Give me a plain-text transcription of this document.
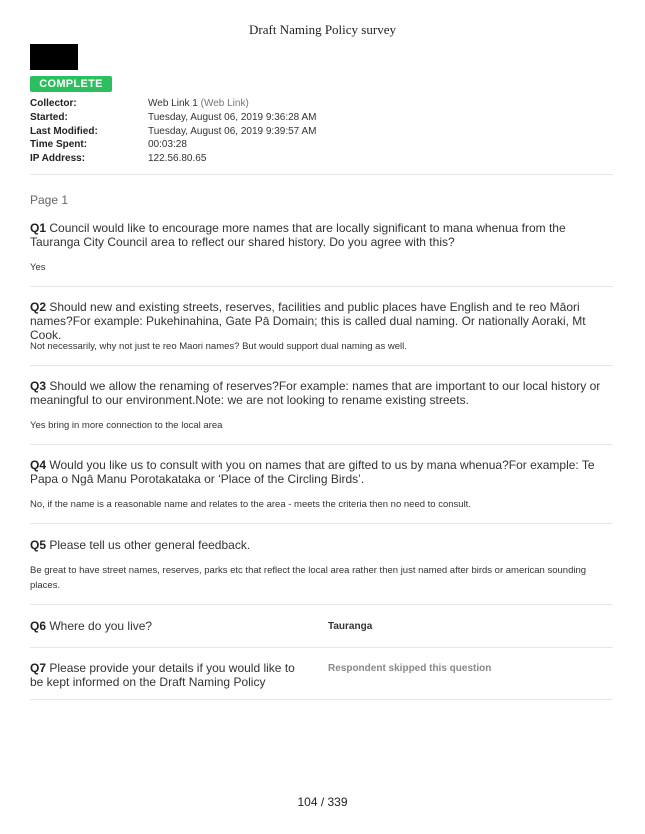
Draft Naming Policy survey
COMPLETE
Collector:	Web Link 1 (Web Link)
Started:	Tuesday, August 06, 2019 9:36:28 AM
Last Modified:	Tuesday, August 06, 2019 9:39:57 AM
Time Spent:	00:03:28
IP Address:	122.56.80.65
Page 1
Q1 Council would like to encourage more names that are locally significant to mana whenua from the Tauranga City Council area to reflect our shared history. Do you agree with this?
Yes
Q2 Should new and existing streets, reserves, facilities and public places have English and te reo Māori names?For example: Pukehinahina, Gate Pā Domain; this is called dual naming. Or nationally Aoraki, Mt Cook.
Not necessarily, why not just te reo Maori names? But would support dual naming as well.
Q3 Should we allow the renaming of reserves?For example: names that are important to our local history or meaningful to our environment.Note: we are not looking to rename existing streets.
Yes bring in more connection to the local area
Q4 Would you like us to consult with you on names that are gifted to us by mana whenua?For example: Te Papa o Ngā Manu Porotakataka or ‘Place of the Circling Birds’.
No, if the name is a reasonable name and relates to the area - meets the criteria then no need to consult.
Q5 Please tell us other general feedback.
Be great to have street names, reserves, parks etc that reflect the local area rather then just named after birds or american sounding places.
Q6 Where do you live?	Tauranga
Q7 Please provide your details if you would like to be kept informed on the Draft Naming Policy
Respondent skipped this question
104 / 339
